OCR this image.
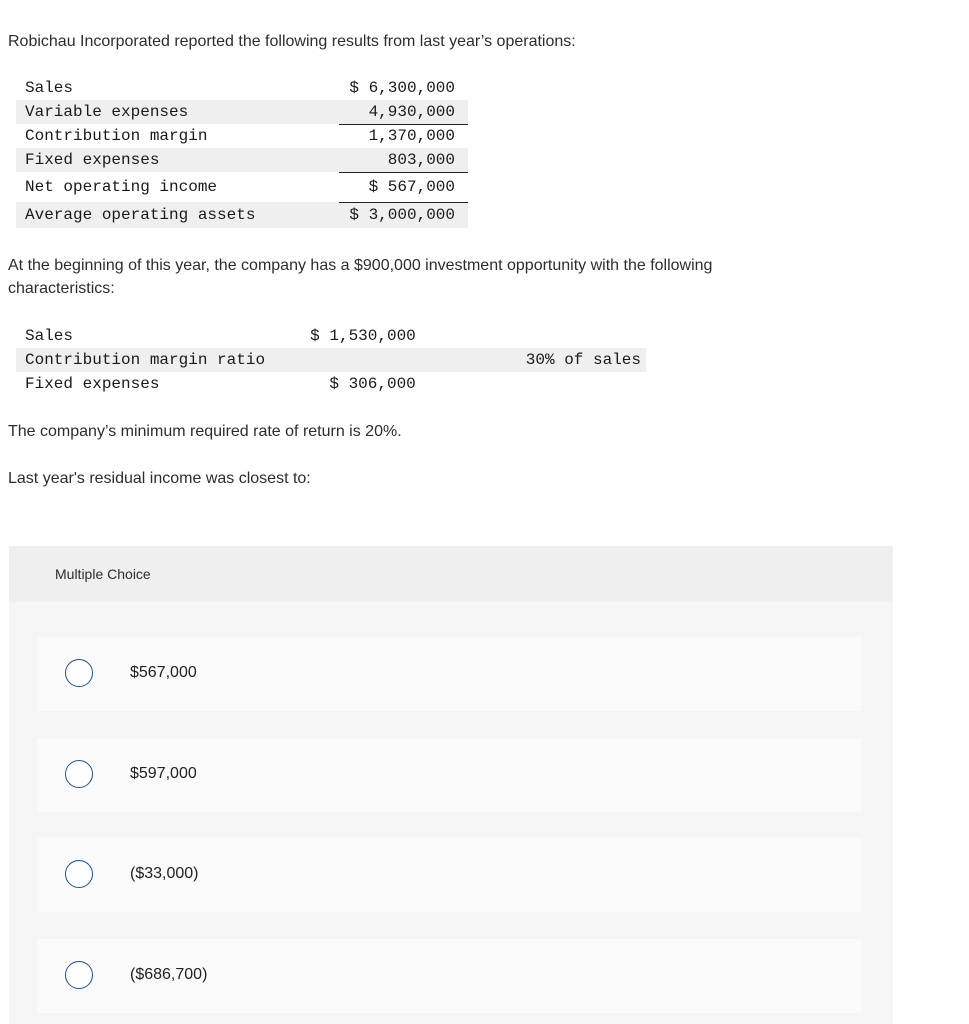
Robichau Incorporated reported the following results from last year’s operations:

Sales		$ 6,300,000
Variable expenses		4,930,000
Contribution margin		1,370,000
Fixed expenses		803,000
Net operating income		$ 567,000
Average operating assets		$ 3,000,000

At the beginning of this year, the company has a $900,000 investment opportunity with the following
characteristics:

Sales	$ 1,530,000	
Contribution margin ratio		30% of sales
Fixed expenses	$ 306,000	

The company’s minimum required rate of return is 20%.

Last year's residual income was closest to:

Multiple Choice
$567,000
$597,000
($33,000)
($686,700)
